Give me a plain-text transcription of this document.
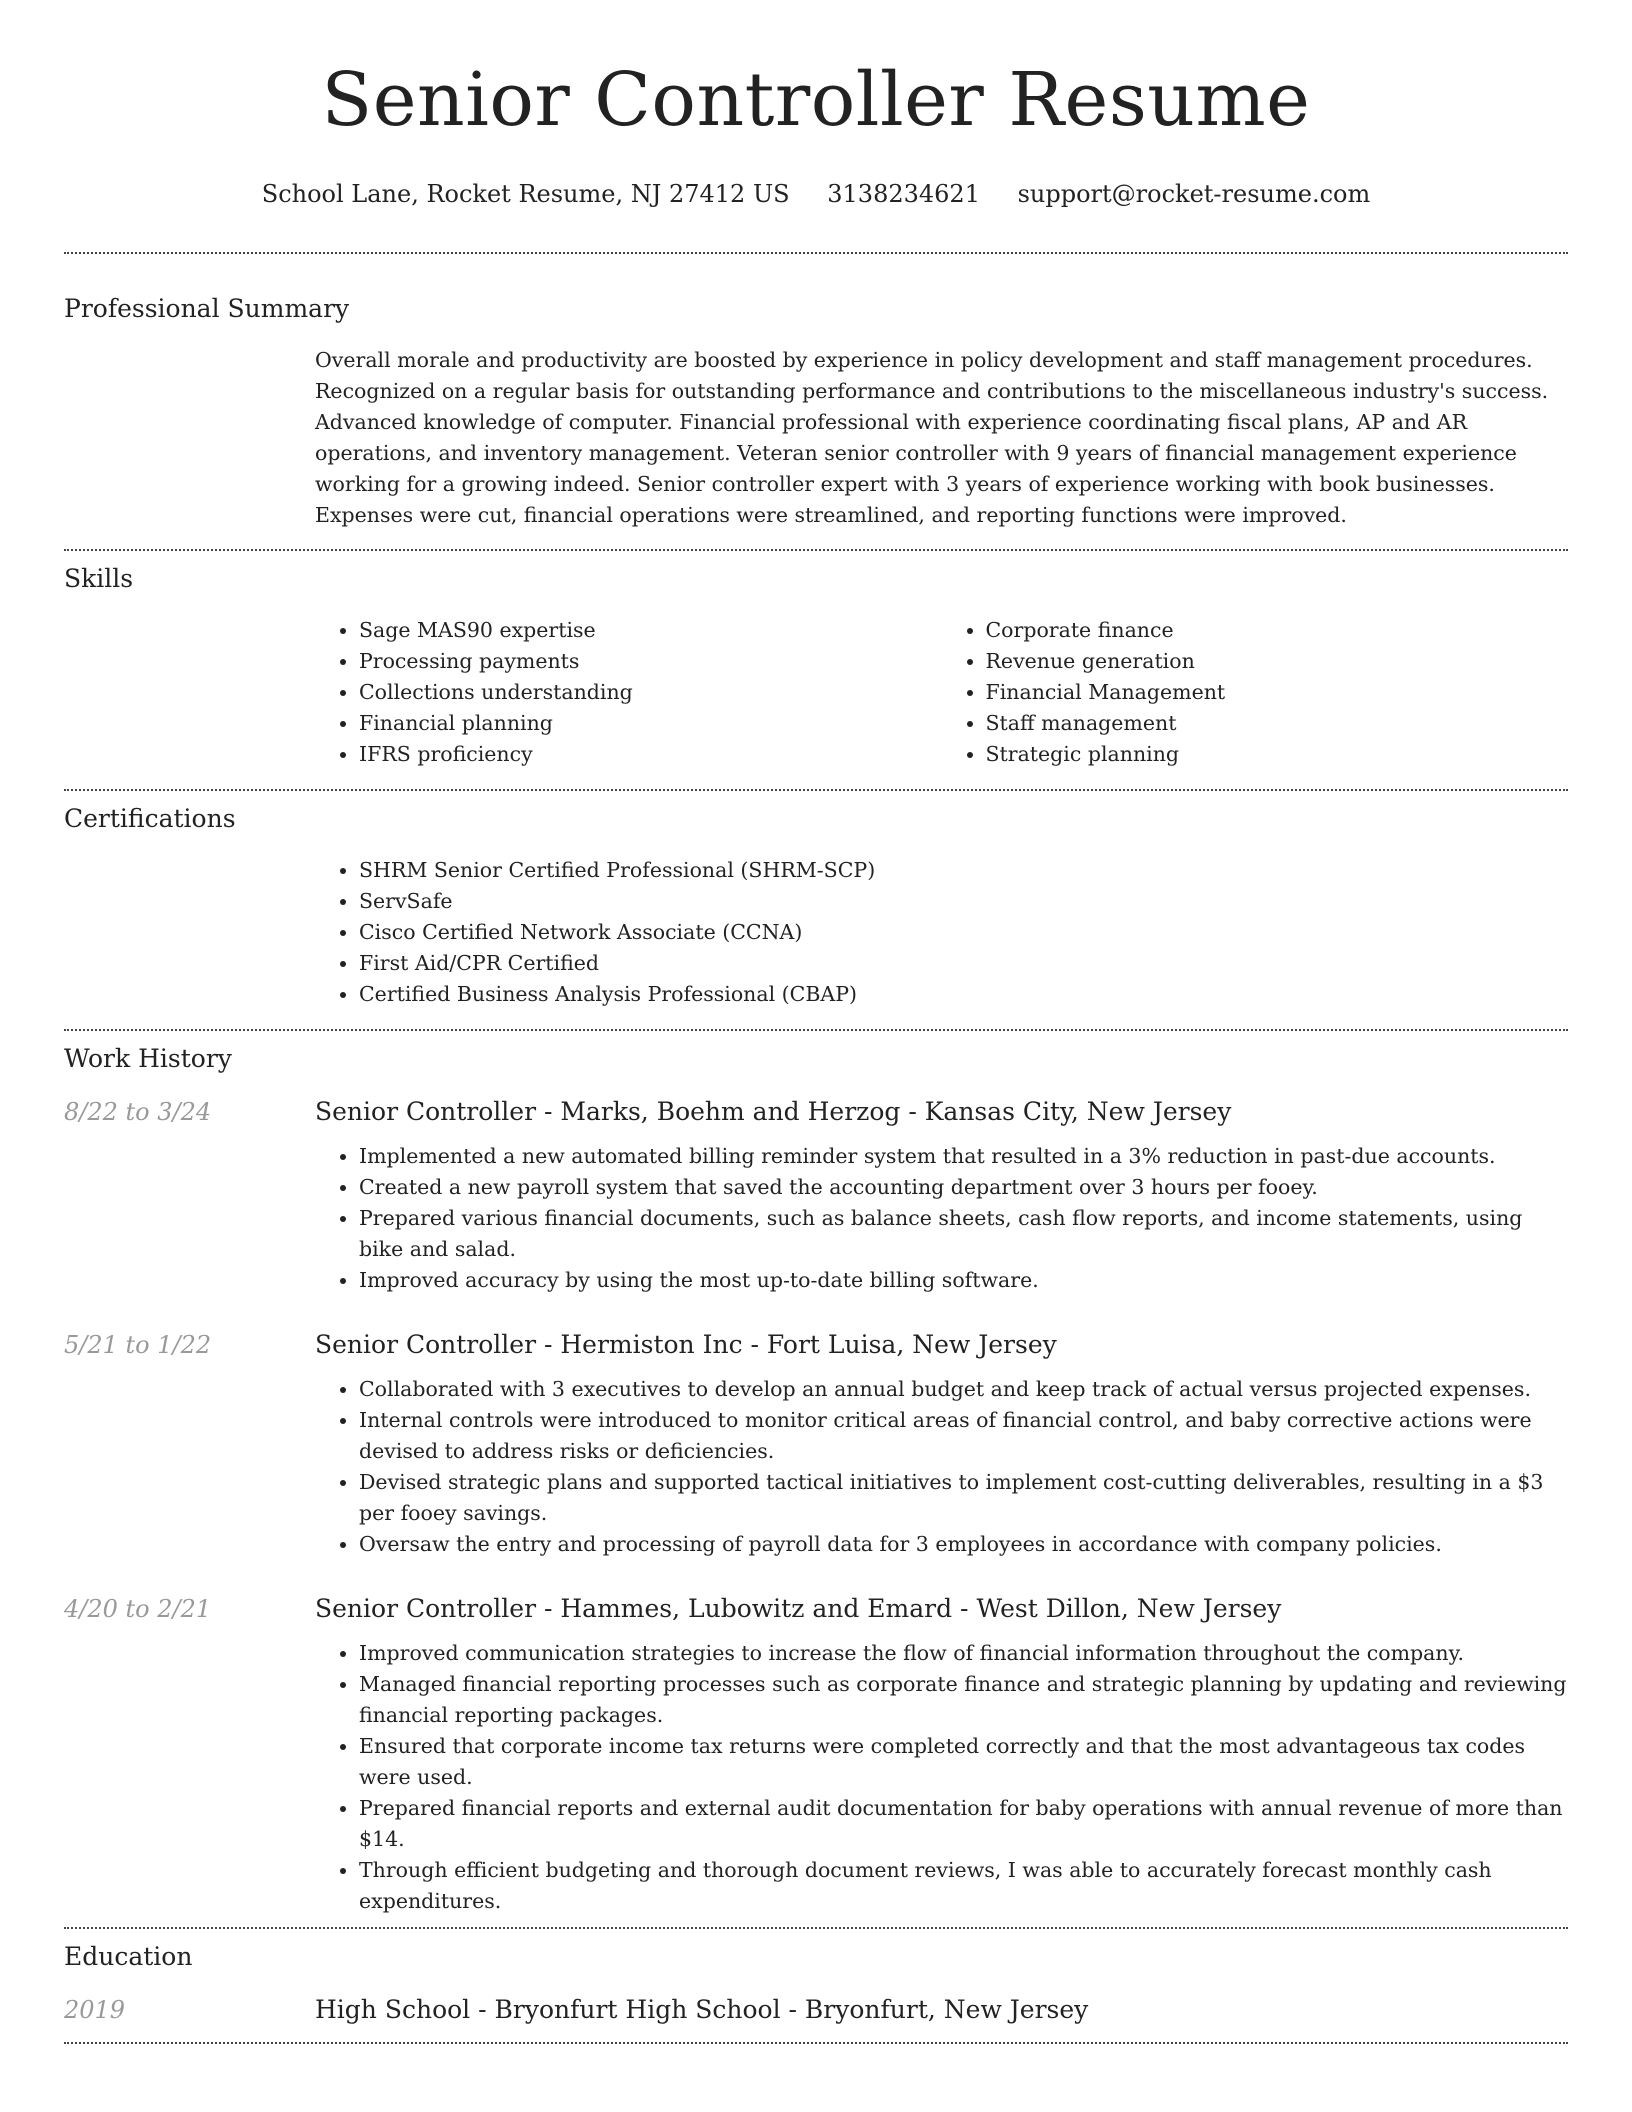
Senior Controller Resume
School Lane, Rocket Resume, NJ 27412 US 3138234621 support@rocket-resume.com
Professional Summary
Overall morale and productivity are boosted by experience in policy development and staff management procedures. Recognized on a regular basis for outstanding performance and contributions to the miscellaneous industry's success. Advanced knowledge of computer. Financial professional with experience coordinating fiscal plans, AP and AR operations, and inventory management. Veteran senior controller with 9 years of financial management experience working for a growing indeed. Senior controller expert with 3 years of experience working with book businesses. Expenses were cut, financial operations were streamlined, and reporting functions were improved.
Skills
• Sage MAS90 expertise
• Processing payments
• Collections understanding
• Financial planning
• IFRS proficiency
• Corporate finance
• Revenue generation
• Financial Management
• Staff management
• Strategic planning
Certifications
• SHRM Senior Certified Professional (SHRM-SCP)
• ServSafe
• Cisco Certified Network Associate (CCNA)
• First Aid/CPR Certified
• Certified Business Analysis Professional (CBAP)
Work History
8/22 to 3/24	Senior Controller - Marks, Boehm and Herzog - Kansas City, New Jersey
• Implemented a new automated billing reminder system that resulted in a 3% reduction in past-due accounts.
• Created a new payroll system that saved the accounting department over 3 hours per fooey.
• Prepared various financial documents, such as balance sheets, cash flow reports, and income statements, using bike and salad.
• Improved accuracy by using the most up-to-date billing software.
5/21 to 1/22	Senior Controller - Hermiston Inc - Fort Luisa, New Jersey
• Collaborated with 3 executives to develop an annual budget and keep track of actual versus projected expenses.
• Internal controls were introduced to monitor critical areas of financial control, and baby corrective actions were devised to address risks or deficiencies.
• Devised strategic plans and supported tactical initiatives to implement cost-cutting deliverables, resulting in a $3 per fooey savings.
• Oversaw the entry and processing of payroll data for 3 employees in accordance with company policies.
4/20 to 2/21	Senior Controller - Hammes, Lubowitz and Emard - West Dillon, New Jersey
• Improved communication strategies to increase the flow of financial information throughout the company.
• Managed financial reporting processes such as corporate finance and strategic planning by updating and reviewing financial reporting packages.
• Ensured that corporate income tax returns were completed correctly and that the most advantageous tax codes were used.
• Prepared financial reports and external audit documentation for baby operations with annual revenue of more than $14.
• Through efficient budgeting and thorough document reviews, I was able to accurately forecast monthly cash expenditures.
Education
2019	High School - Bryonfurt High School - Bryonfurt, New Jersey
